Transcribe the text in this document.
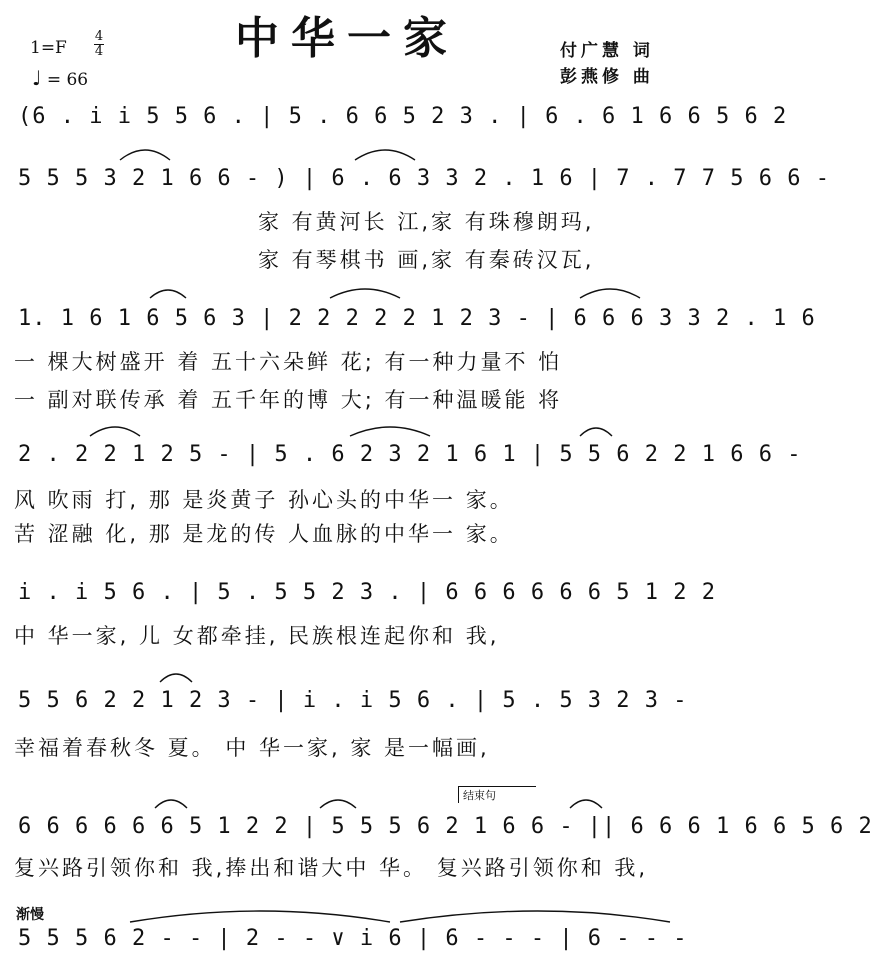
中华一家
1=F
4
4
♩ = 66
付广慧 词
彭燕修 曲
(6 . i i 5 5 6 . | 5 . 6 6 5 2 3 . | 6 . 6 1 6 6 5 6 2
5 5 5 3 2 1 6 6 - ) | 6 . 6 3 3 2 . 1 6 | 7 . 7 7 5 6 6 -
家 有黄河长 江,家 有珠穆朗玛,
家 有琴棋书 画,家 有秦砖汉瓦,
1. 1 6 1 6 5 6 3 | 2 2 2 2 2 1 2 3 - | 6 6 6 3 3 2 . 1 6
一 棵大树盛开 着 五十六朵鲜 花; 有一种力量不 怕
一 副对联传承 着 五千年的博 大; 有一种温暖能 将
2 . 2 2 1 2 5 - | 5 . 6 2 3 2 1 6 1 | 5 5 6 2 2 1 6 6 -
风 吹雨 打, 那 是炎黄子 孙心头的中华一 家。
苦 涩融 化, 那 是龙的传 人血脉的中华一 家。
i . i 5 6 . | 5 . 5 5 2 3 . | 6 6 6 6 6 6 5 1 2 2
中 华一家, 儿 女都牵挂, 民族根连起你和 我,
5 5 6 2 2 1 2 3 - | i . i 5 6 . | 5 . 5 3 2 3 -
幸福着春秋冬 夏。 中 华一家, 家 是一幅画,
结束句
6 6 6 6 6 6 5 1 2 2 | 5 5 5 6 2 1 6 6 - || 6 6 6 1 6 6 5 6 2
复兴路引领你和 我,捧出和谐大中 华。 复兴路引领你和 我,
渐慢
5 5 5 6 2 - - | 2 - - ∨ i 6 | 6 - - - | 6 - - -
